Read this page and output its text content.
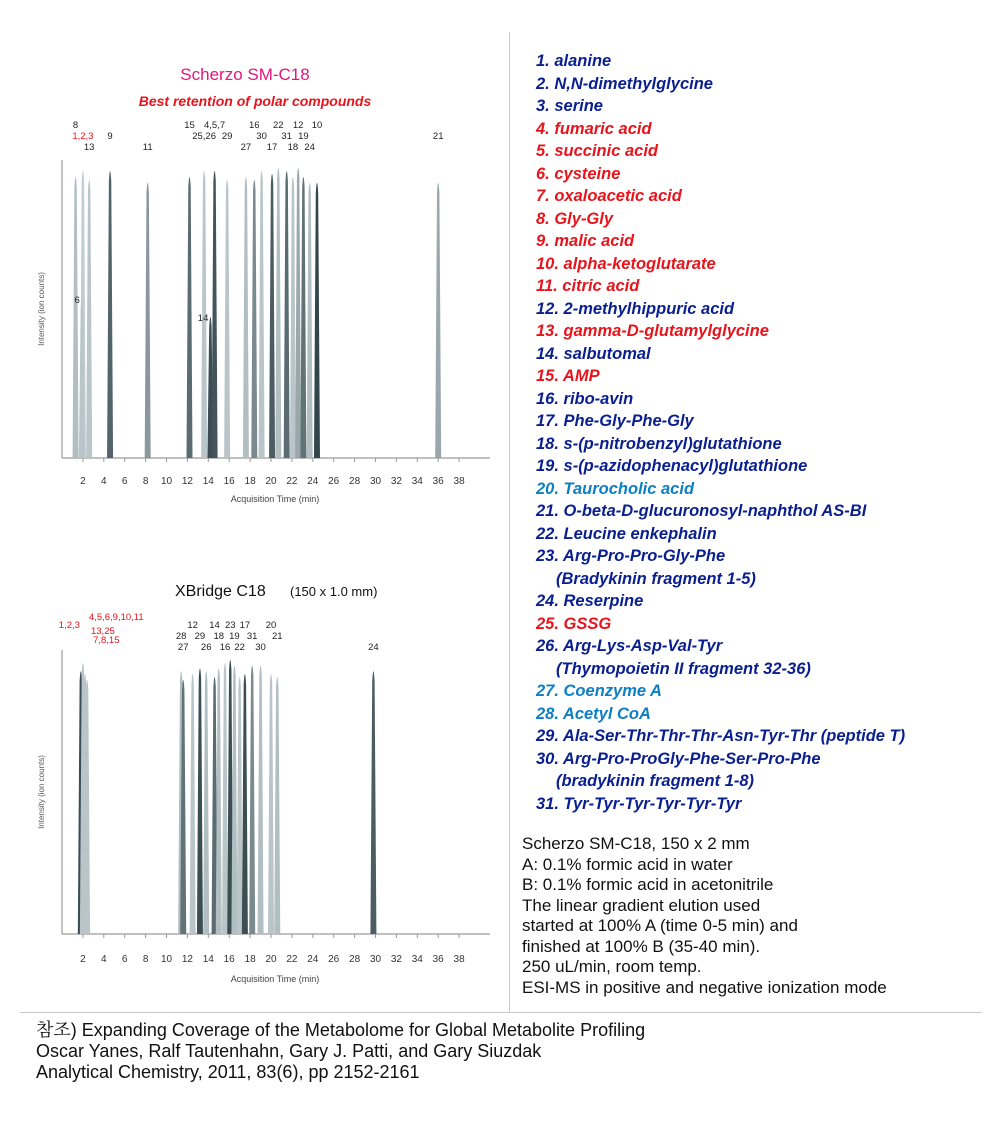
Scherzo SM-C18
Best retention of polar compounds
Intensity (ion counts)
2 4 6 8 10 12 14 16 18 20 22 24 26 28 30 32 34 36 38
Acquisition Time (min)
8
1,2,3
13
6
9
11
15
25,26
14
4,5,7
29
27
16
30
17
22
31
18
12
19
24
10
21
XBridge C18 (150 x 1.0 mm)
Intensity (ion counts)
2 4 6 8 10 12 14 16 18 20 22 24 26 28 30 32 34 36 38
Acquisition Time (min)
1,2,3
4,5,6,9,10,11
13,25
7,8,15	28
27
12
29
26
14
18
16
23
19
22
17
31
30
20
21
24
1. alanine
2. N,N-dimethylglycine
3. serine
4. fumaric acid
5. succinic acid
6. cysteine
7. oxaloacetic acid
8. Gly-Gly
9. malic acid
10. alpha-ketoglutarate
11. citric acid
12. 2-methylhippuric acid
13. gamma-D-glutamylglycine
14. salbutomal
15. AMP
16. ribo-avin
17. Phe-Gly-Phe-Gly
18. s-(p-nitrobenzyl)glutathione
19. s-(p-azidophenacyl)glutathione
20. Taurocholic acid
21. O-beta-D-glucuronosyl-naphthol AS-BI
22. Leucine enkephalin
23. Arg-Pro-Pro-Gly-Phe
(Bradykinin fragment 1-5)
24. Reserpine
25. GSSG
26. Arg-Lys-Asp-Val-Tyr
(Thymopoietin II fragment 32-36)
27. Coenzyme A
28. Acetyl CoA
29. Ala-Ser-Thr-Thr-Thr-Asn-Tyr-Thr (peptide T)
30. Arg-Pro-ProGly-Phe-Ser-Pro-Phe
(bradykinin fragment 1-8)
31. Tyr-Tyr-Tyr-Tyr-Tyr-Tyr
Scherzo SM-C18, 150 x 2 mm
A: 0.1% formic acid in water
B: 0.1% formic acid in acetonitrile
The linear gradient elution used
started at 100% A (time 0-5 min) and
finished at 100% B (35-40 min).
250 uL/min, room temp.
ESI-MS in positive and negative ionization mode
참조) Expanding Coverage of the Metabolome for Global Metabolite Profiling
Oscar Yanes, Ralf Tautenhahn, Gary J. Patti, and Gary Siuzdak
Analytical Chemistry, 2011, 83(6), pp 2152-2161
